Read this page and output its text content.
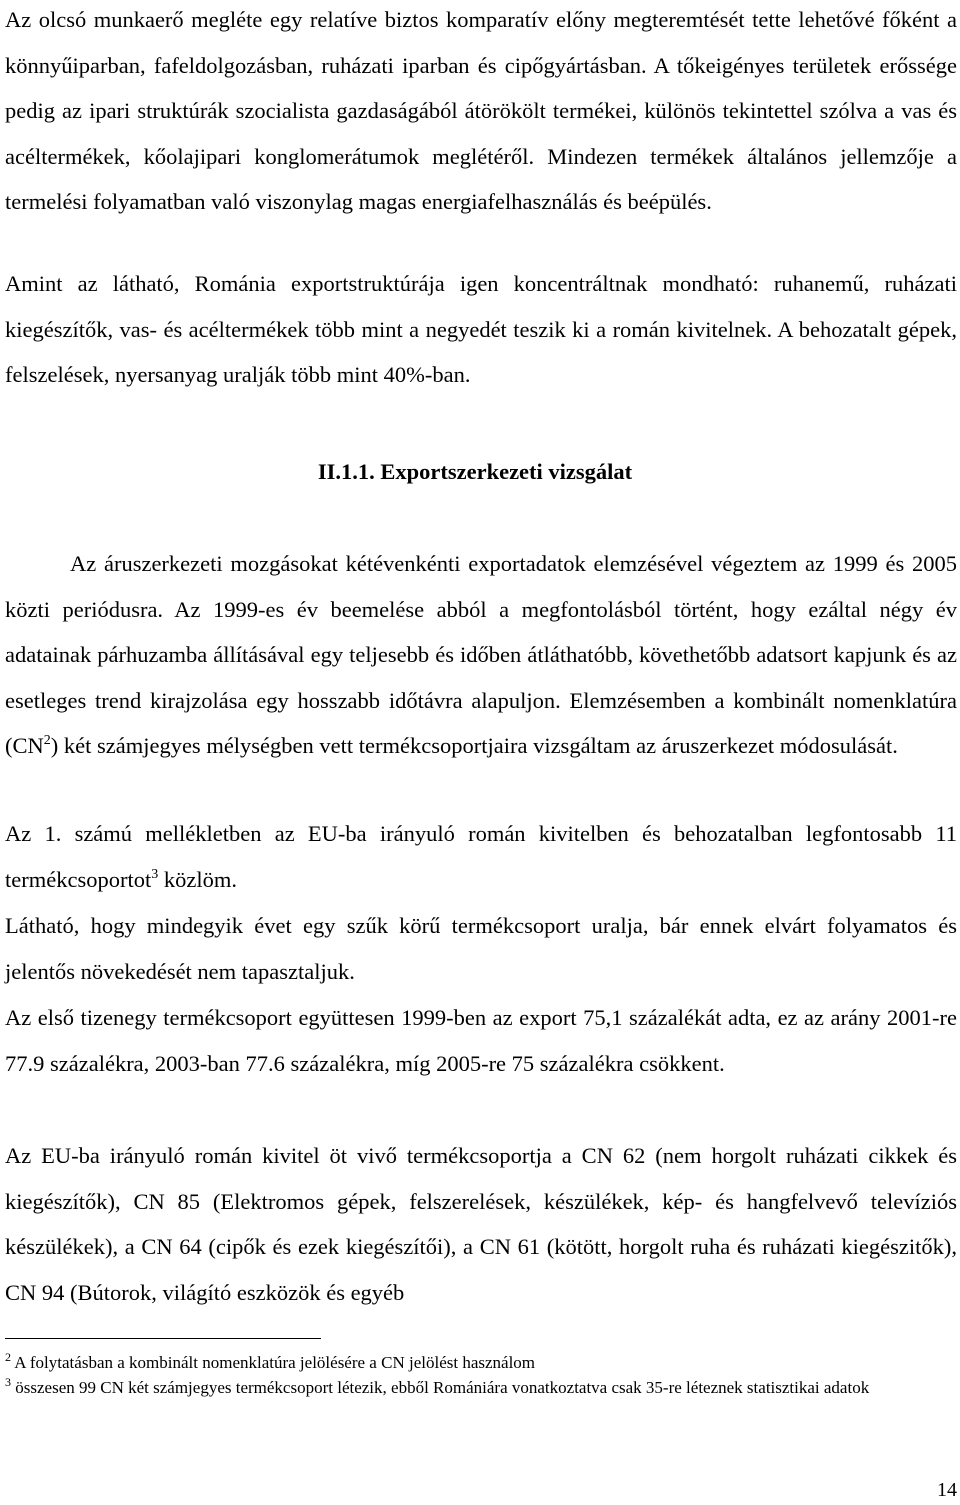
Az olcsó munkaerő megléte egy relatíve biztos komparatív előny megteremtését tette lehetővé főként a könnyűiparban, fafeldolgozásban, ruházati iparban és cipőgyártásban. A tőkeigényes területek erőssége pedig az ipari struktúrák szocialista gazdaságából átörökölt termékei, különös tekintettel szólva a vas és acéltermékek, kőolajipari konglomerátumok meglétéről. Mindezen termékek általános jellemzője a termelési folyamatban való viszonylag magas energiafelhasználás és beépülés.

Amint az látható, Románia exportstruktúrája igen koncentráltnak mondható: ruhanemű, ruházati kiegészítők, vas- és acéltermékek több mint a negyedét teszik ki a román kivitelnek. A behozatalt gépek, felszelések, nyersanyag uralják több mint 40%-ban.

II.1.1. Exportszerkezeti vizsgálat

Az áruszerkezeti mozgásokat kétévenkénti exportadatok elemzésével végeztem az 1999 és 2005 közti periódusra. Az 1999-es év beemelése abból a megfontolásból történt, hogy ezáltal négy év adatainak párhuzamba állításával egy teljesebb és időben átláthatóbb, követhetőbb adatsort kapjunk és az esetleges trend kirajzolása egy hosszabb időtávra alapuljon. Elemzésemben a kombinált nomenklatúra $(CN^2)$ két számjegyes mélységben vett termékcsoportjaira vizsgáltam az áruszerkezet módosulását.

Az 1. számú mellékletben az EU-ba irányuló román kivitelben és behozatalban legfontosabb 11 termékcsoportot$^3$ közlöm.

Látható, hogy mindegyik évet egy szűk körű termékcsoport uralja, bár ennek elvárt folyamatos és jelentős növekedését nem tapasztaljuk.

Az első tizenegy termékcsoport együttesen 1999-ben az export 75,1 százalékát adta, ez az arány 2001-re 77.9 százalékra, 2003-ban 77.6 százalékra, míg 2005-re 75 százalékra csökkent.

Az EU-ba irányuló román kivitel öt vivő termékcsoportja a CN 62 (nem horgolt ruházati cikkek és kiegészítők), CN 85 (Elektromos gépek, felszerelések, készülékek, kép- és hangfelvevő televíziós készülékek), a CN 64 (cipők és ezek kiegészítői), a CN 61 (kötött, horgolt ruha és ruházati kiegészitők), CN 94 (Bútorok, világító eszközök és egyéb

$^2$ A folytatásban a kombinált nomenklatúra jelölésére a CN jelölést használom

$^3$ összesen 99 CN két számjegyes termékcsoport létezik, ebből Romániára vonatkoztatva csak 35-re léteznek statisztikai adatok

14
